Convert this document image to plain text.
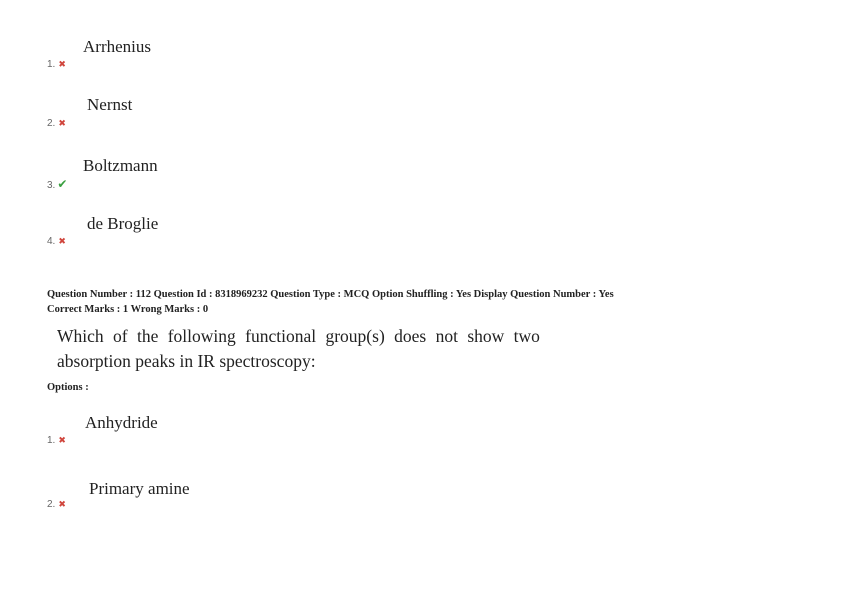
Arrhenius
1. ✖
Nernst
2. ✖
Boltzmann
3. ✔
de Broglie
4. ✖
Question Number : 112 Question Id : 8318969232 Question Type : MCQ Option Shuffling : Yes Display Question Number : Yes
Correct Marks : 1 Wrong Marks : 0
Which of the following functional group(s) does not show two
absorption peaks in IR spectroscopy:
Options :
Anhydride
1. ✖
Primary amine
2. ✖
